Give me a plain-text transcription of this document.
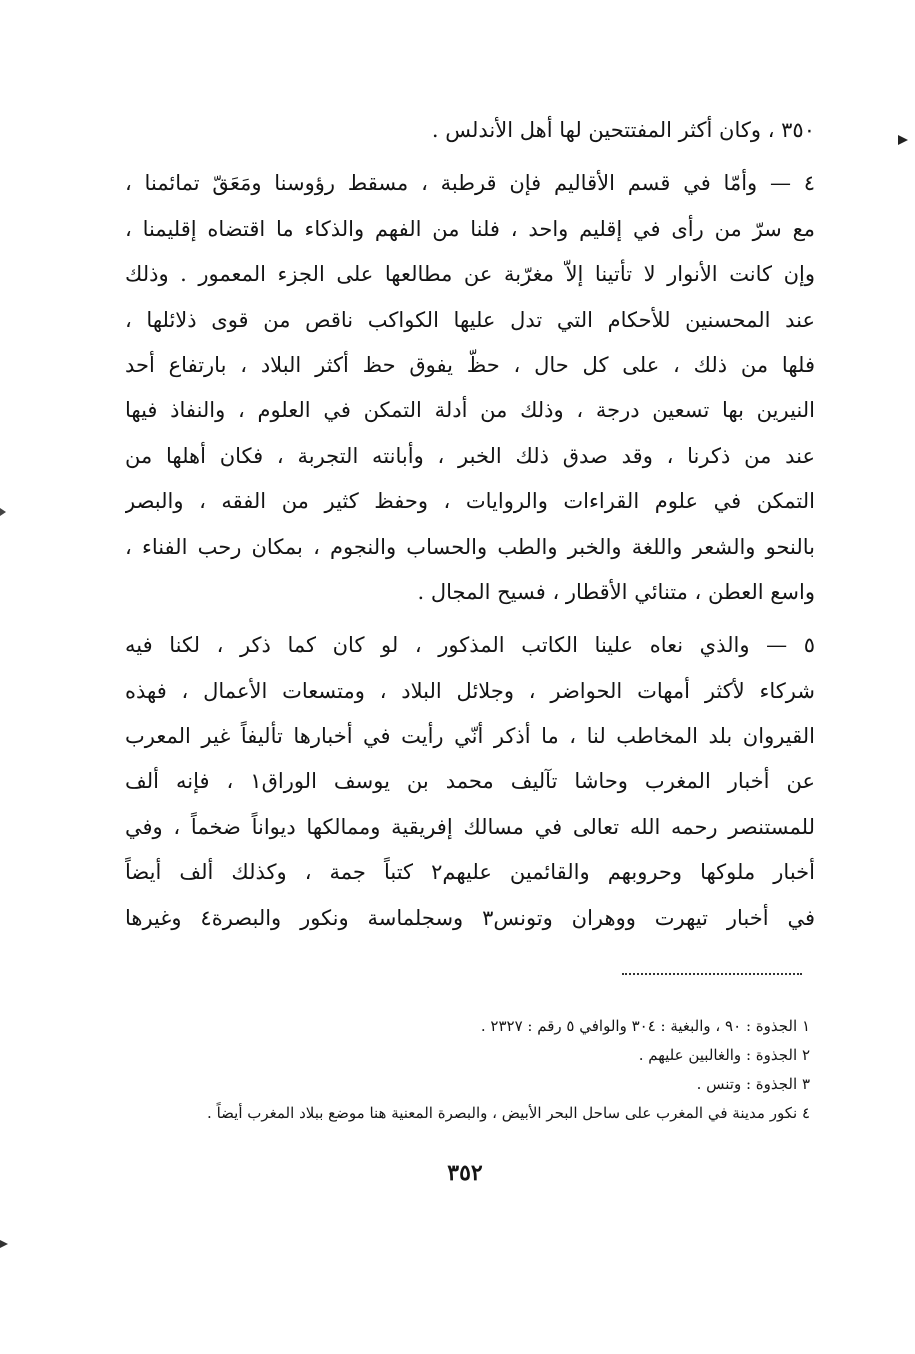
٣٥٠ ، وكان أكثر المفتتحين لها أهل الأندلس .
٤ — وأمّا في قسم الأقاليم فإن قرطبة ، مسقط رؤوسنا ومَعَقّ تمائمنا ،
مع سرّ من رأى في إقليم واحد ، فلنا من الفهم والذكاء ما اقتضاه إقليمنا ،
وإن كانت الأنوار لا تأتينا إلاّ مغرّبة عن مطالعها على الجزء المعمور . وذلك
عند المحسنين للأحكام التي تدل عليها الكواكب ناقص من قوى ذلائلها ،
فلها من ذلك ، على كل حال ، حظّ يفوق حظ أكثر البلاد ، بارتفاع أحد
النيرين بها تسعين درجة ، وذلك من أدلة التمكن في العلوم ، والنفاذ فيها
عند من ذكرنا ، وقد صدق ذلك الخبر ، وأبانته التجربة ، فكان أهلها من
التمكن في علوم القراءات والروايات ، وحفظ كثير من الفقه ، والبصر
بالنحو والشعر واللغة والخبر والطب والحساب والنجوم ، بمكان رحب الفناء ،
واسع العطن ، متنائي الأقطار ، فسيح المجال .
٥ — والذي نعاه علينا الكاتب المذكور ، لو كان كما ذكر ، لكنا فيه
شركاء لأكثر أمهات الحواضر ، وجلائل البلاد ، ومتسعات الأعمال ، فهذه
القيروان بلد المخاطب لنا ، ما أذكر أنّي رأيت في أخبارها تأليفاً غير المعرب
عن أخبار المغرب وحاشا تآليف محمد بن يوسف الوراق١ ، فإنه ألف
للمستنصر رحمه الله تعالى في مسالك إفريقية وممالكها ديواناً ضخماً ، وفي
أخبار ملوكها وحروبهم والقائمين عليهم٢ كتباً جمة ، وكذلك ألف أيضاً
في أخبار تيهرت ووهران وتونس٣ وسجلماسة ونكور والبصرة٤ وغيرها
١ الجذوة : ٩٠ ، والبغية : ٣٠٤ والوافي ٥ رقم : ٢٣٢٧ .
٢ الجذوة : والغالبين عليهم .
٣ الجذوة : وتنس .
٤ نكور مدينة في المغرب على ساحل البحر الأبيض ، والبصرة المعنية هنا موضع ببلاد المغرب أيضاً .
٣٥٢
